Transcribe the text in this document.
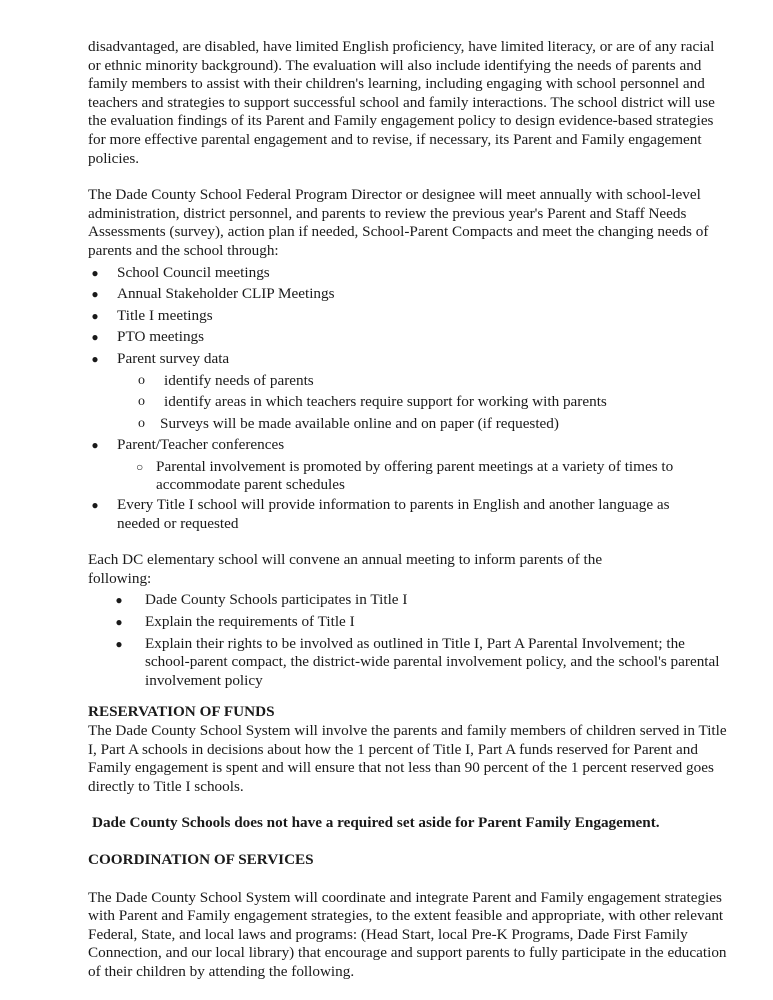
disadvantaged, are disabled, have limited English proficiency, have limited literacy, or are of any racial or ethnic minority background). The evaluation will also include identifying the needs of parents and family members to assist with their children's learning, including engaging with school personnel and teachers and strategies to support successful school and family interactions. The school district will use the evaluation findings of its Parent and Family engagement policy to design evidence-based strategies for more effective parental engagement and to revise, if necessary, its Parent and Family engagement policies.

The Dade County School Federal Program Director or designee will meet annually with school-level administration, district personnel, and parents to review the previous year's Parent and Staff Needs Assessments (survey), action plan if needed, School-Parent Compacts and meet the changing needs of parents and the school through:

● School Council meetings
● Annual Stakeholder CLIP Meetings
● Title I meetings
● PTO meetings
● Parent survey data
o identify needs of parents
o identify areas in which teachers require support for working with parents
o Surveys will be made available online and on paper (if requested)
● Parent/Teacher conferences
○ Parental involvement is promoted by offering parent meetings at a variety of times to accommodate parent schedules
● Every Title I school will provide information to parents in English and another language as needed or requested

Each DC elementary school will convene an annual meeting to inform parents of the following:

● Dade County Schools participates in Title I
● Explain the requirements of Title I
● Explain their rights to be involved as outlined in Title I, Part A Parental Involvement; the school-parent compact, the district-wide parental involvement policy, and the school's parental involvement policy
RESERVATION OF FUNDS

The Dade County School System will involve the parents and family members of children served in Title I, Part A schools in decisions about how the 1 percent of Title I, Part A funds reserved for Parent and Family engagement is spent and will ensure that not less than 90 percent of the 1 percent reserved goes directly to Title I schools.

Dade County Schools does not have a required set aside for Parent Family Engagement.

COORDINATION OF SERVICES

The Dade County School System will coordinate and integrate Parent and Family engagement strategies with Parent and Family engagement strategies, to the extent feasible and appropriate, with other relevant Federal, State, and local laws and programs: (Head Start, local Pre-K Programs, Dade First Family Connection, and our local library) that encourage and support parents to fully participate in the education of their children by attending the following.
